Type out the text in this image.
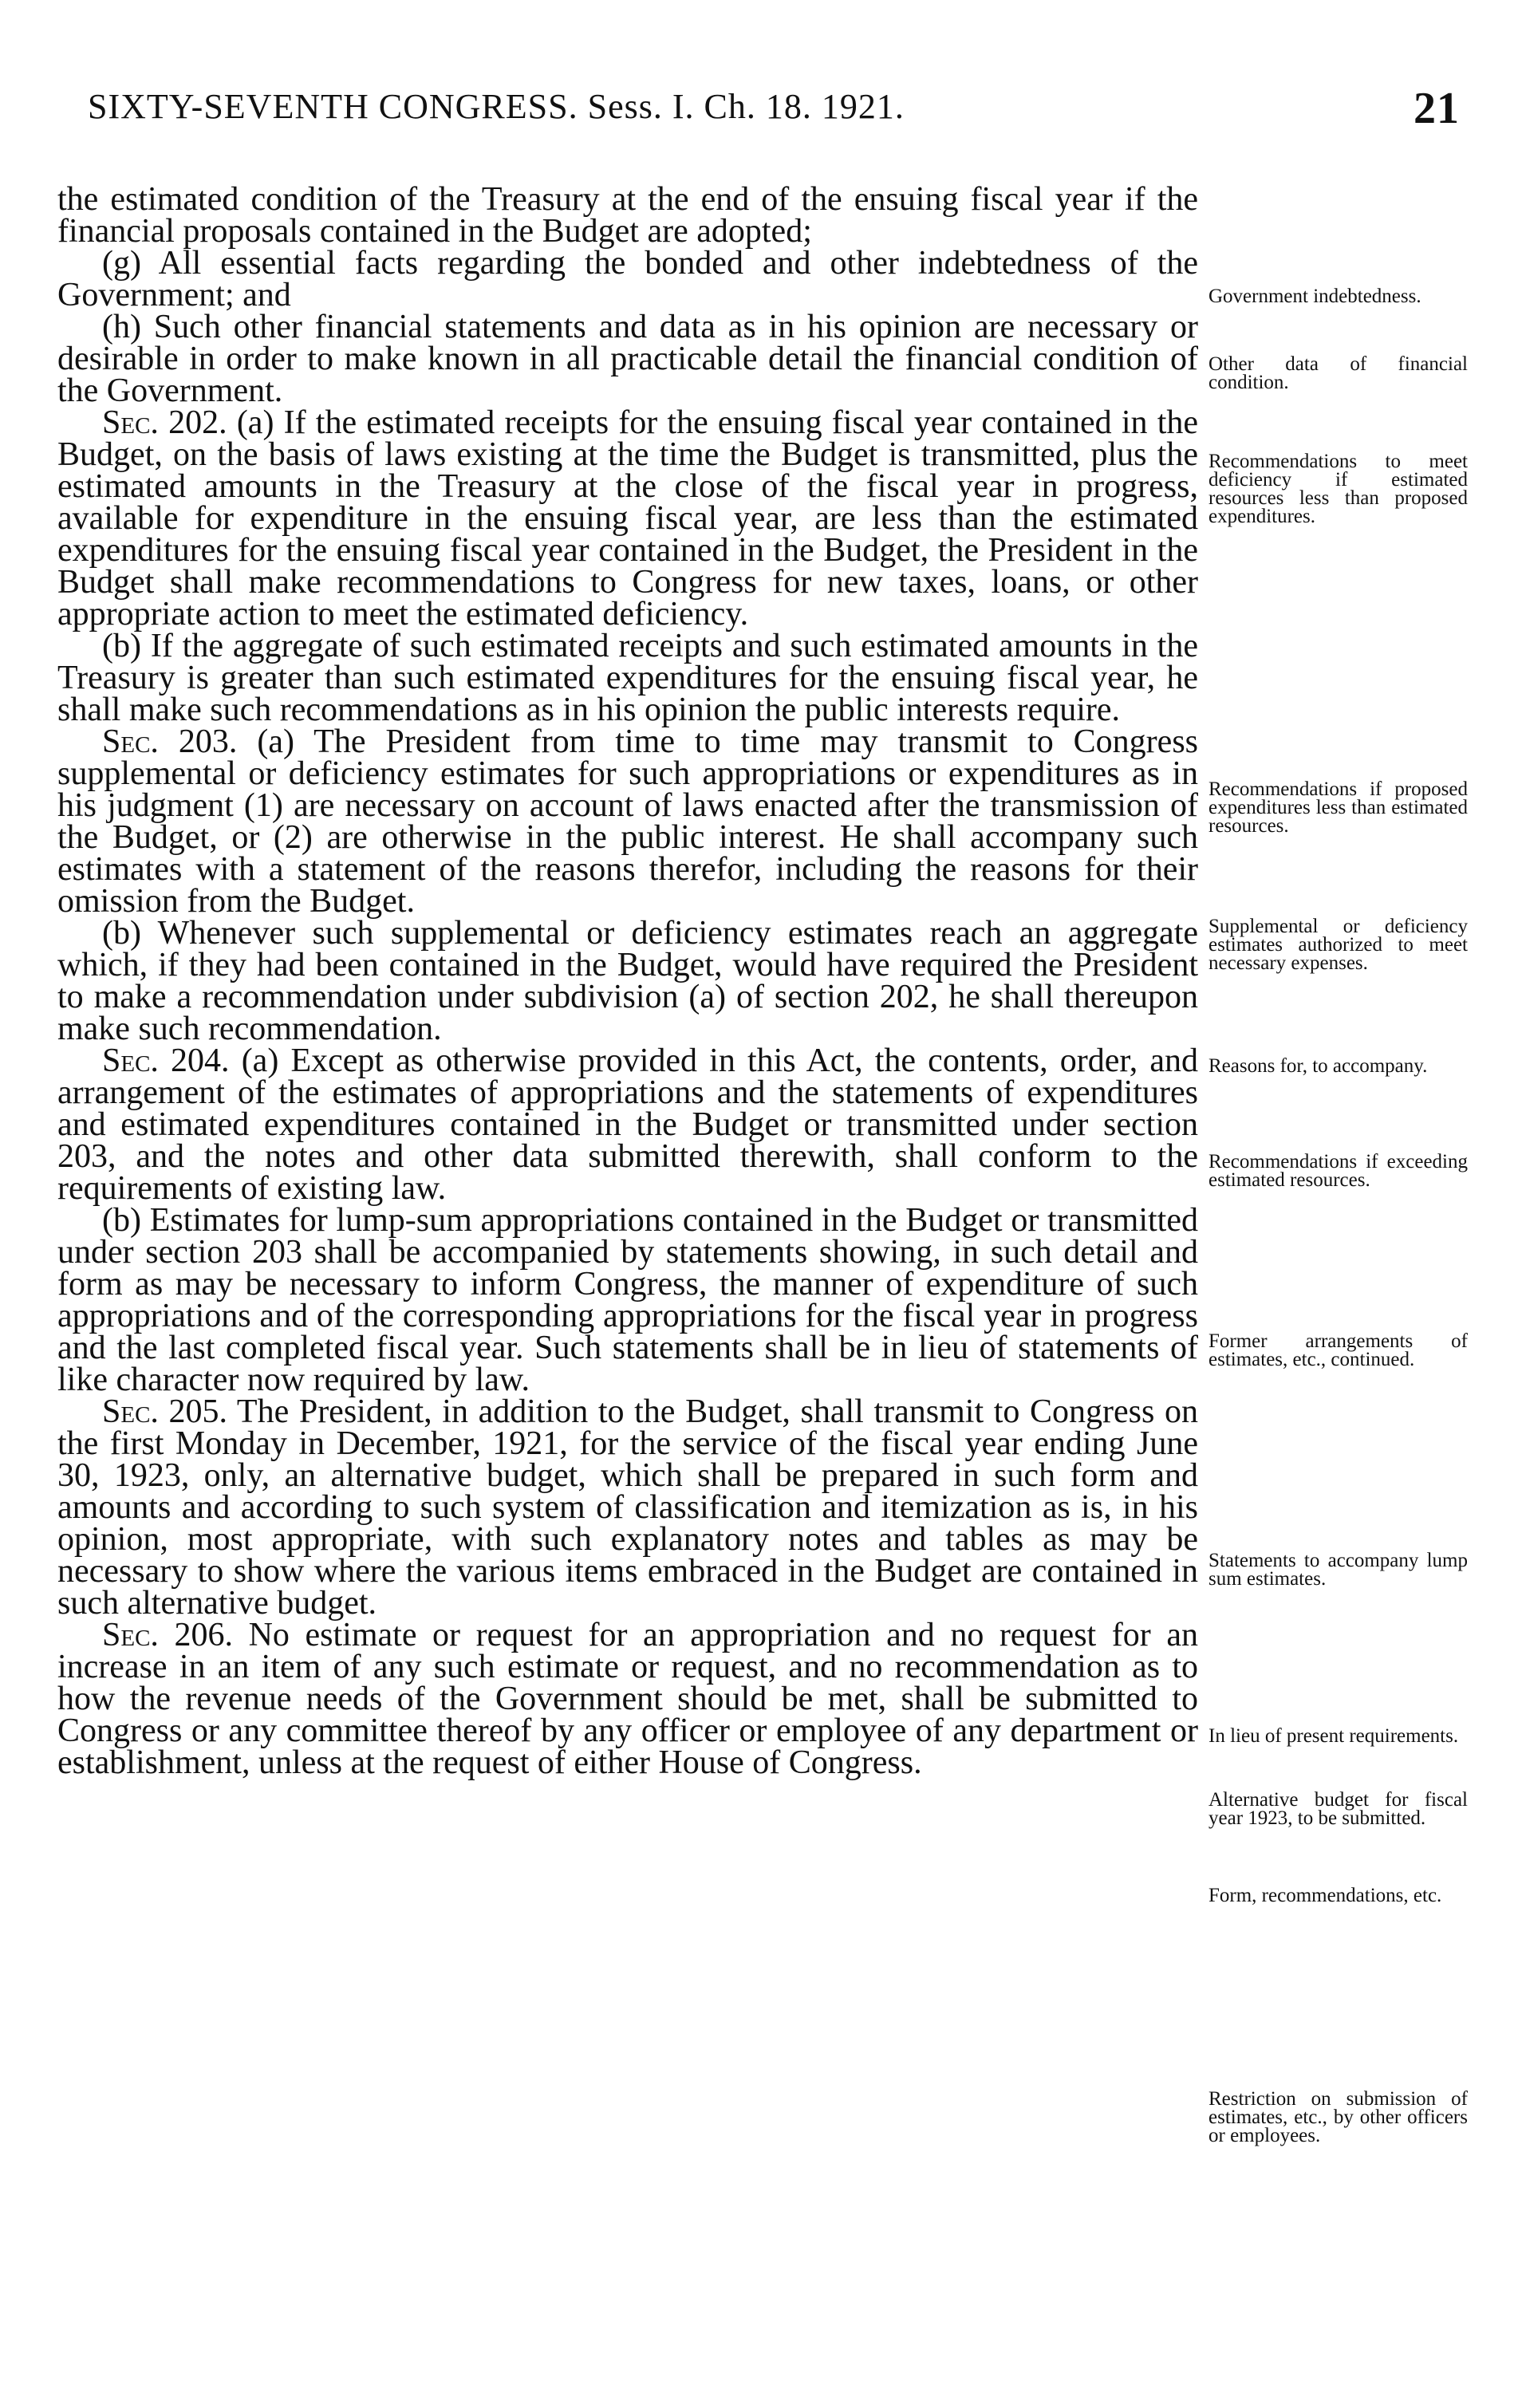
SIXTY-SEVENTH CONGRESS. Sess. I. Ch. 18. 1921.	21

the estimated condition of the Treasury at the end of the ensuing fiscal year if the financial proposals contained in the Budget are adopted;

(g) All essential facts regarding the bonded and other indebtedness of the Government; and

(h) Such other financial statements and data as in his opinion are necessary or desirable in order to make known in all practicable detail the financial condition of the Government.

Sec. 202. (a) If the estimated receipts for the ensuing fiscal year contained in the Budget, on the basis of laws existing at the time the Budget is transmitted, plus the estimated amounts in the Treasury at the close of the fiscal year in progress, available for expenditure in the ensuing fiscal year, are less than the estimated expenditures for the ensuing fiscal year contained in the Budget, the President in the Budget shall make recommendations to Congress for new taxes, loans, or other appropriate action to meet the estimated deficiency.

(b) If the aggregate of such estimated receipts and such estimated amounts in the Treasury is greater than such estimated expenditures for the ensuing fiscal year, he shall make such recommendations as in his opinion the public interests require.

Sec. 203. (a) The President from time to time may transmit to Congress supplemental or deficiency estimates for such appropriations or expenditures as in his judgment (1) are necessary on account of laws enacted after the transmission of the Budget, or (2) are otherwise in the public interest. He shall accompany such estimates with a statement of the reasons therefor, including the reasons for their omission from the Budget.

(b) Whenever such supplemental or deficiency estimates reach an aggregate which, if they had been contained in the Budget, would have required the President to make a recommendation under subdivision (a) of section 202, he shall thereupon make such recommendation.

Sec. 204. (a) Except as otherwise provided in this Act, the contents, order, and arrangement of the estimates of appropriations and the statements of expenditures and estimated expenditures contained in the Budget or transmitted under section 203, and the notes and other data submitted therewith, shall conform to the requirements of existing law.

(b) Estimates for lump-sum appropriations contained in the Budget or transmitted under section 203 shall be accompanied by statements showing, in such detail and form as may be necessary to inform Congress, the manner of expenditure of such appropriations and of the corresponding appropriations for the fiscal year in progress and the last completed fiscal year. Such statements shall be in lieu of statements of like character now required by law.

Sec. 205. The President, in addition to the Budget, shall transmit to Congress on the first Monday in December, 1921, for the service of the fiscal year ending June 30, 1923, only, an alternative budget, which shall be prepared in such form and amounts and according to such system of classification and itemization as is, in his opinion, most appropriate, with such explanatory notes and tables as may be necessary to show where the various items embraced in the Budget are contained in such alternative budget.

Sec. 206. No estimate or request for an appropriation and no request for an increase in an item of any such estimate or request, and no recommendation as to how the revenue needs of the Government should be met, shall be submitted to Congress or any committee thereof by any officer or employee of any department or establishment, unless at the request of either House of Congress.

Government indebtedness.
Other data of financial condition.
Recommendations to meet deficiency if estimated resources less than proposed expenditures.
Recommendations if proposed expenditures less than estimated resources.
Supplemental or deficiency estimates authorized to meet necessary expenses.
Reasons for, to accompany.
Recommendations if exceeding estimated resources.
Former arrangements of estimates, etc., continued.
Statements to accompany lump sum estimates.
In lieu of present requirements.
Alternative budget for fiscal year 1923, to be submitted.
Form, recommendations, etc.
Restriction on submission of estimates, etc., by other officers or employees.
